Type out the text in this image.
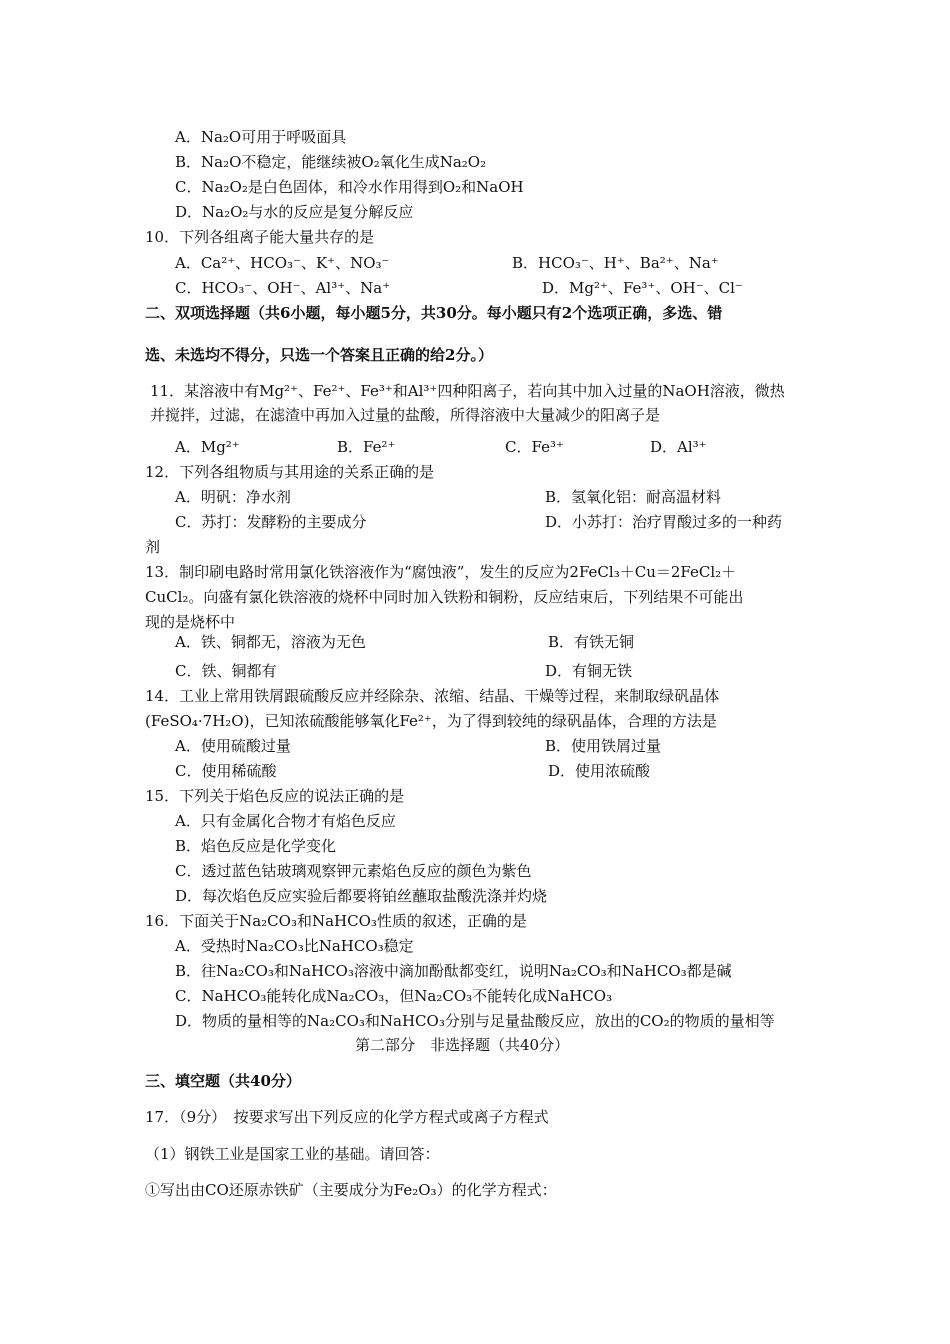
A．Na₂O可用于呼吸面具
B．Na₂O不稳定，能继续被O₂氧化生成Na₂O₂
C．Na₂O₂是白色固体，和冷水作用得到O₂和NaOH
D．Na₂O₂与水的反应是复分解反应
10．下列各组离子能大量共存的是
A．Ca²⁺、HCO₃⁻、K⁺、NO₃⁻	B．HCO₃⁻、H⁺、Ba²⁺、Na⁺
C．HCO₃⁻、OH⁻、Al³⁺、Na⁺	D．Mg²⁺、Fe³⁺、OH⁻、Cl⁻
二、双项选择题（共6小题，每小题5分，共30分。每小题只有2个选项正确，多选、错
选、未选均不得分，只选一个答案且正确的给2分。）
11．某溶液中有Mg²⁺、Fe²⁺、Fe³⁺和Al³⁺四种阳离子，若向其中加入过量的NaOH溶液，微热
并搅拌，过滤，在滤渣中再加入过量的盐酸，所得溶液中大量减少的阳离子是
A．Mg²⁺	B．Fe²⁺	C．Fe³⁺	D．Al³⁺
12．下列各组物质与其用途的关系正确的是
A．明矾：净水剂	B．氢氧化铝：耐高温材料
C．苏打：发酵粉的主要成分	D．小苏打：治疗胃酸过多的一种药
剂
13．制印刷电路时常用氯化铁溶液作为“腐蚀液”，发生的反应为2FeCl₃＋Cu＝2FeCl₂＋
CuCl₂。向盛有氯化铁溶液的烧杯中同时加入铁粉和铜粉，反应结束后，下列结果不可能出
现的是烧杯中
A．铁、铜都无，溶液为无色	B．有铁无铜
C．铁、铜都有	D．有铜无铁
14．工业上常用铁屑跟硫酸反应并经除杂、浓缩、结晶、干燥等过程，来制取绿矾晶体
(FeSO₄·7H₂O)，已知浓硫酸能够氧化Fe²⁺，为了得到较纯的绿矾晶体，合理的方法是
A．使用硫酸过量	B．使用铁屑过量
C．使用稀硫酸	D．使用浓硫酸
15．下列关于焰色反应的说法正确的是
A．只有金属化合物才有焰色反应
B．焰色反应是化学变化
C．透过蓝色钴玻璃观察钾元素焰色反应的颜色为紫色
D．每次焰色反应实验后都要将铂丝蘸取盐酸洗涤并灼烧
16．下面关于Na₂CO₃和NaHCO₃性质的叙述，正确的是
A．受热时Na₂CO₃比NaHCO₃稳定
B．往Na₂CO₃和NaHCO₃溶液中滴加酚酞都变红，说明Na₂CO₃和NaHCO₃都是碱
C．NaHCO₃能转化成Na₂CO₃，但Na₂CO₃不能转化成NaHCO₃
D．物质的量相等的Na₂CO₃和NaHCO₃分别与足量盐酸反应，放出的CO₂的物质的量相等
第二部分　非选择题（共40分）
三、填空题（共40分）
17．（9分）　按要求写出下列反应的化学方程式或离子方程式
（1）钢铁工业是国家工业的基础。请回答：
①写出由CO还原赤铁矿（主要成分为Fe₂O₃）的化学方程式：
